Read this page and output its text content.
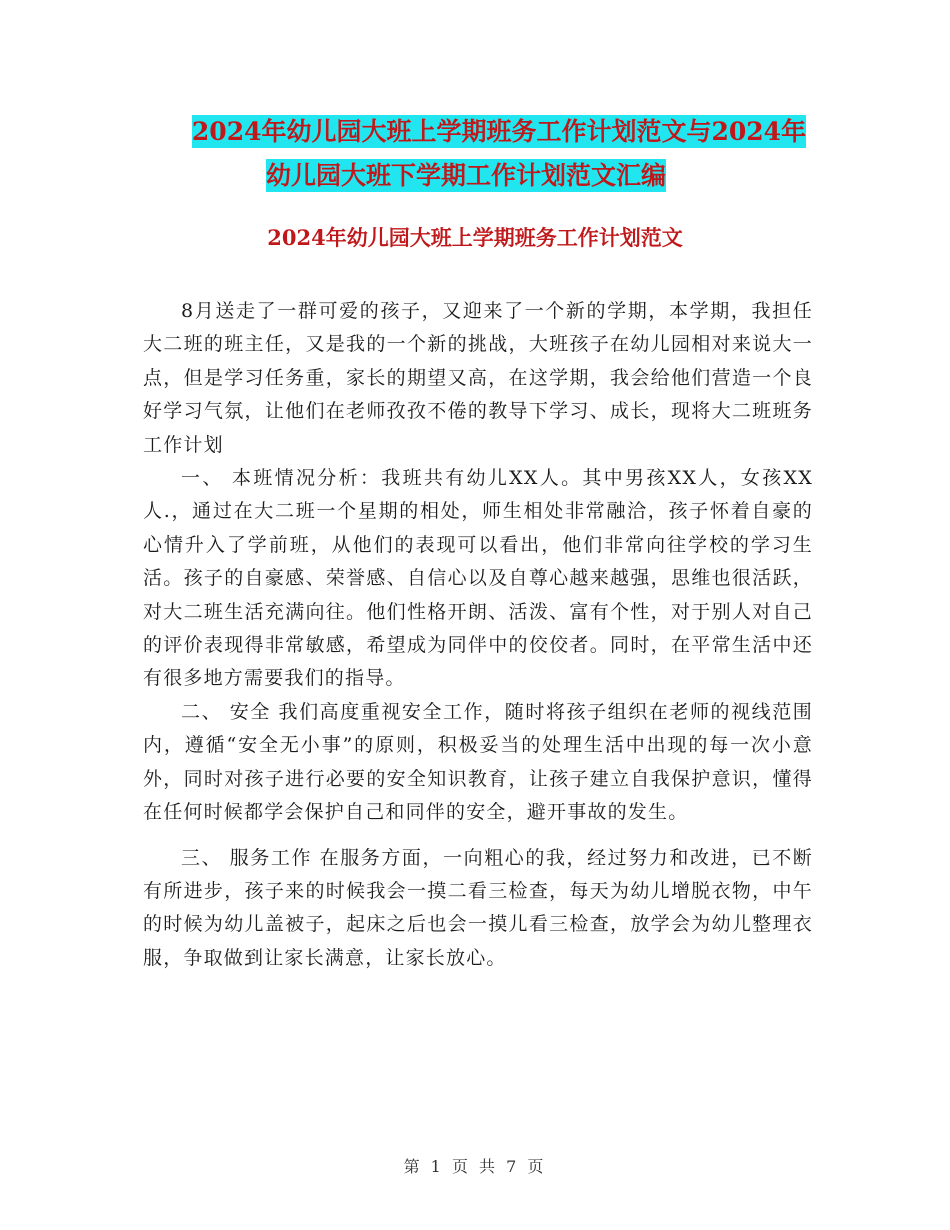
2024年幼儿园大班上学期班务工作计划范文与2024年
幼儿园大班下学期工作计划范文汇编
2024年幼儿园大班上学期班务工作计划范文

8月送走了一群可爱的孩子，又迎来了一个新的学期，本学期，我担任大二班的班主任，又是我的一个新的挑战，大班孩子在幼儿园相对来说大一点，但是学习任务重，家长的期望又高，在这学期，我会给他们营造一个良好学习气氛，让他们在老师孜孜不倦的教导下学习、成长，现将大二班班务工作计划

一、 本班情况分析：我班共有幼儿XX人。其中男孩XX人，女孩XX人.，通过在大二班一个星期的相处，师生相处非常融洽，孩子怀着自豪的心情升入了学前班，从他们的表现可以看出，他们非常向往学校的学习生活。孩子的自豪感、荣誉感、自信心以及自尊心越来越强，思维也很活跃，对大二班生活充满向往。他们性格开朗、活泼、富有个性，对于别人对自己的评价表现得非常敏感，希望成为同伴中的佼佼者。同时，在平常生活中还有很多地方需要我们的指导。

二、 安全 我们高度重视安全工作，随时将孩子组织在老师的视线范围内，遵循“安全无小事”的原则，积极妥当的处理生活中出现的每一次小意外，同时对孩子进行必要的安全知识教育，让孩子建立自我保护意识，懂得在任何时候都学会保护自己和同伴的安全，避开事故的发生。

三、 服务工作 在服务方面，一向粗心的我，经过努力和改进，已不断有所进步，孩子来的时候我会一摸二看三检查，每天为幼儿增脱衣物，中午的时候为幼儿盖被子，起床之后也会一摸儿看三检查，放学会为幼儿整理衣服，争取做到让家长满意，让家长放心。

第 1 页 共 7 页
